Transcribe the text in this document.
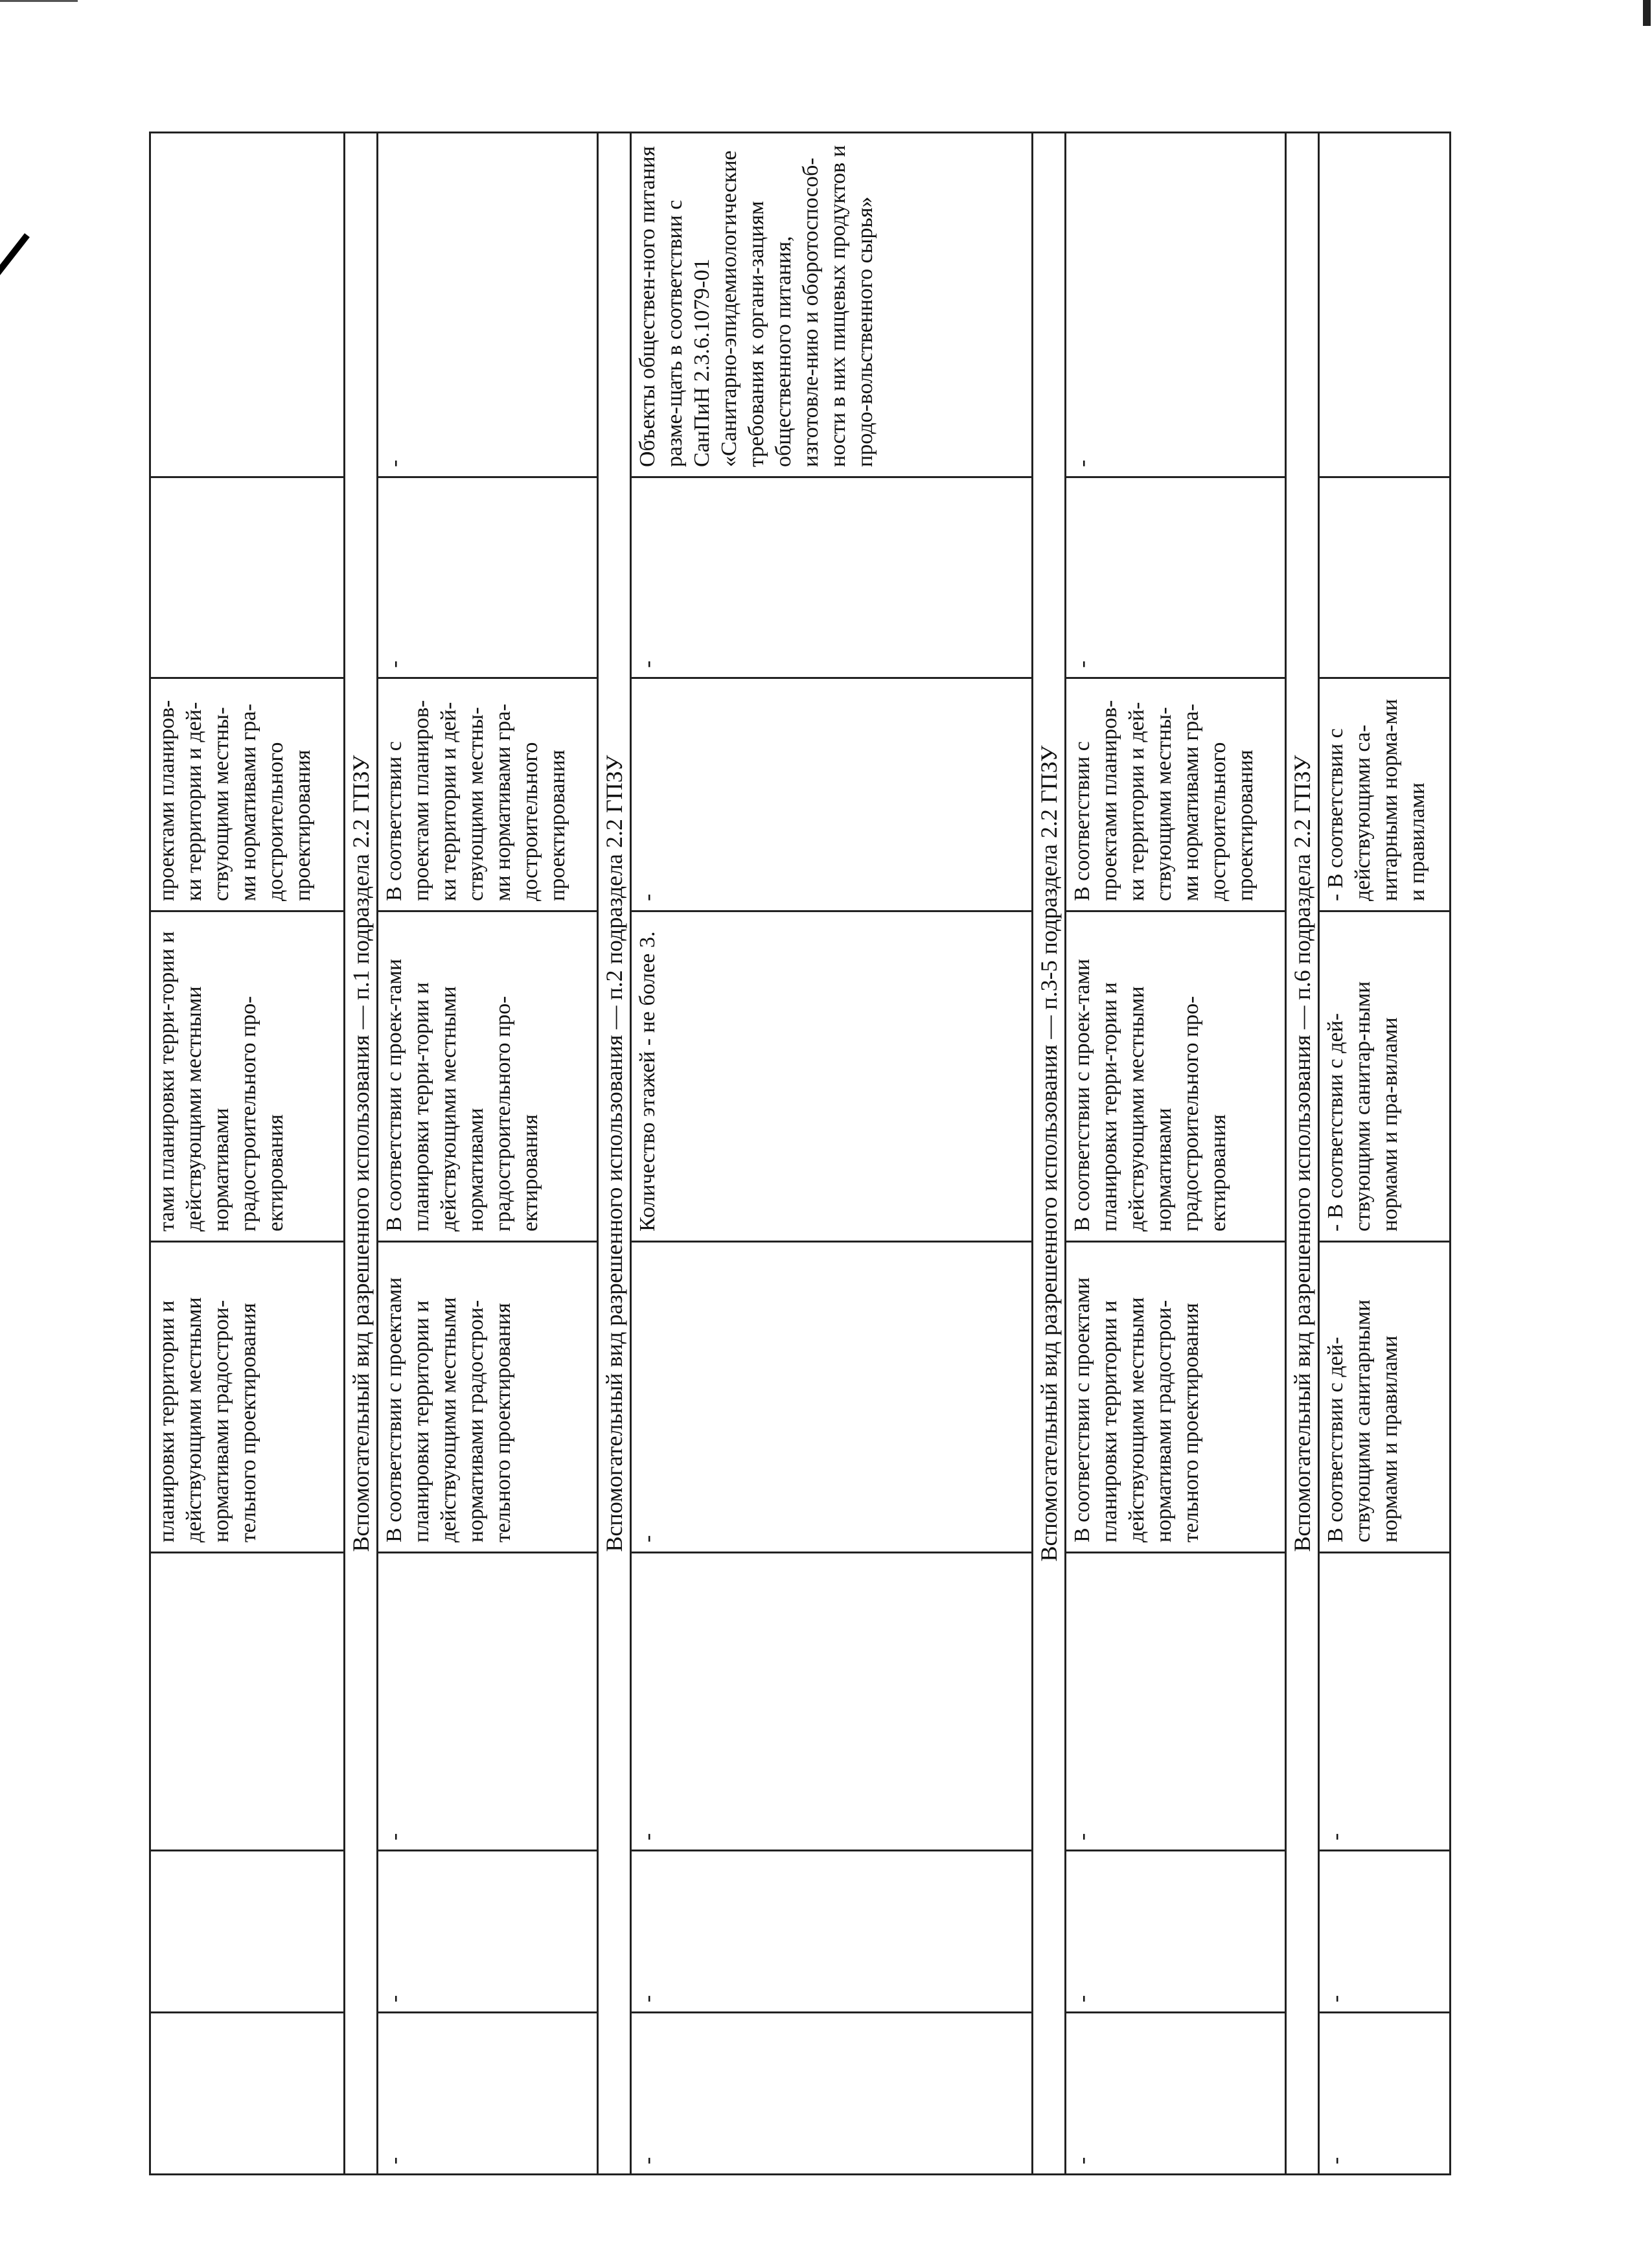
			планировки территории и действующими местными нормативами градострои-тельного проектирования	тами планировки терри-тории и действующими местными нормативами градостроительного про-ектирования	проектами планиров-ки территории и дей-ствующими местны-ми нормативами гра-достроительного проектирования		
Вспомогательный вид разрешенного использования — п.1 подраздела 2.2 ГПЗУ							
-	-	-	В соответствии с проектами планировки территории и действующими местными нормативами градострои-тельного проектирования	В соответствии с проек-тами планировки терри-тории и действующими местными нормативами градостроительного про-ектирования	В соответствии с проектами планиров-ки территории и дей-ствующими местны-ми нормативами гра-достроительного проектирования	-	-
Вспомогательный вид разрешенного использования — п.2 подраздела 2.2 ГПЗУ							
-	-	-	-	Количество этажей - не более 3.	-	-	Объекты обществен-ного питания разме-щать в соответствии с СанПиН 2.3.6.1079-01 «Санитарно-эпидемиологические требования к органи-зациям общественного питания, изготовле-нию и оборотоспособ-ности в них пищевых продуктов и продо-вольственного сырья»
Вспомогательный вид разрешенного использования — п.3-5 подраздела 2.2 ГПЗУ							
-	-	-	В соответствии с проектами планировки территории и действующими местными нормативами градострои-тельного проектирования	В соответствии с проек-тами планировки терри-тории и действующими местными нормативами градостроительного про-ектирования	В соответствии с проектами планиров-ки территории и дей-ствующими местны-ми нормативами гра-достроительного проектирования	-	-
Вспомогательный вид разрешенного использования — п.6 подраздела 2.2 ГПЗУ							
-	-	-	В соответствии с дей-ствующими санитарными нормами и правилами	- В соответствии с дей-ствующими санитар-ными нормами и пра-вилами	- В соответствии с действующими са-нитарными норма-ми и правилами		
